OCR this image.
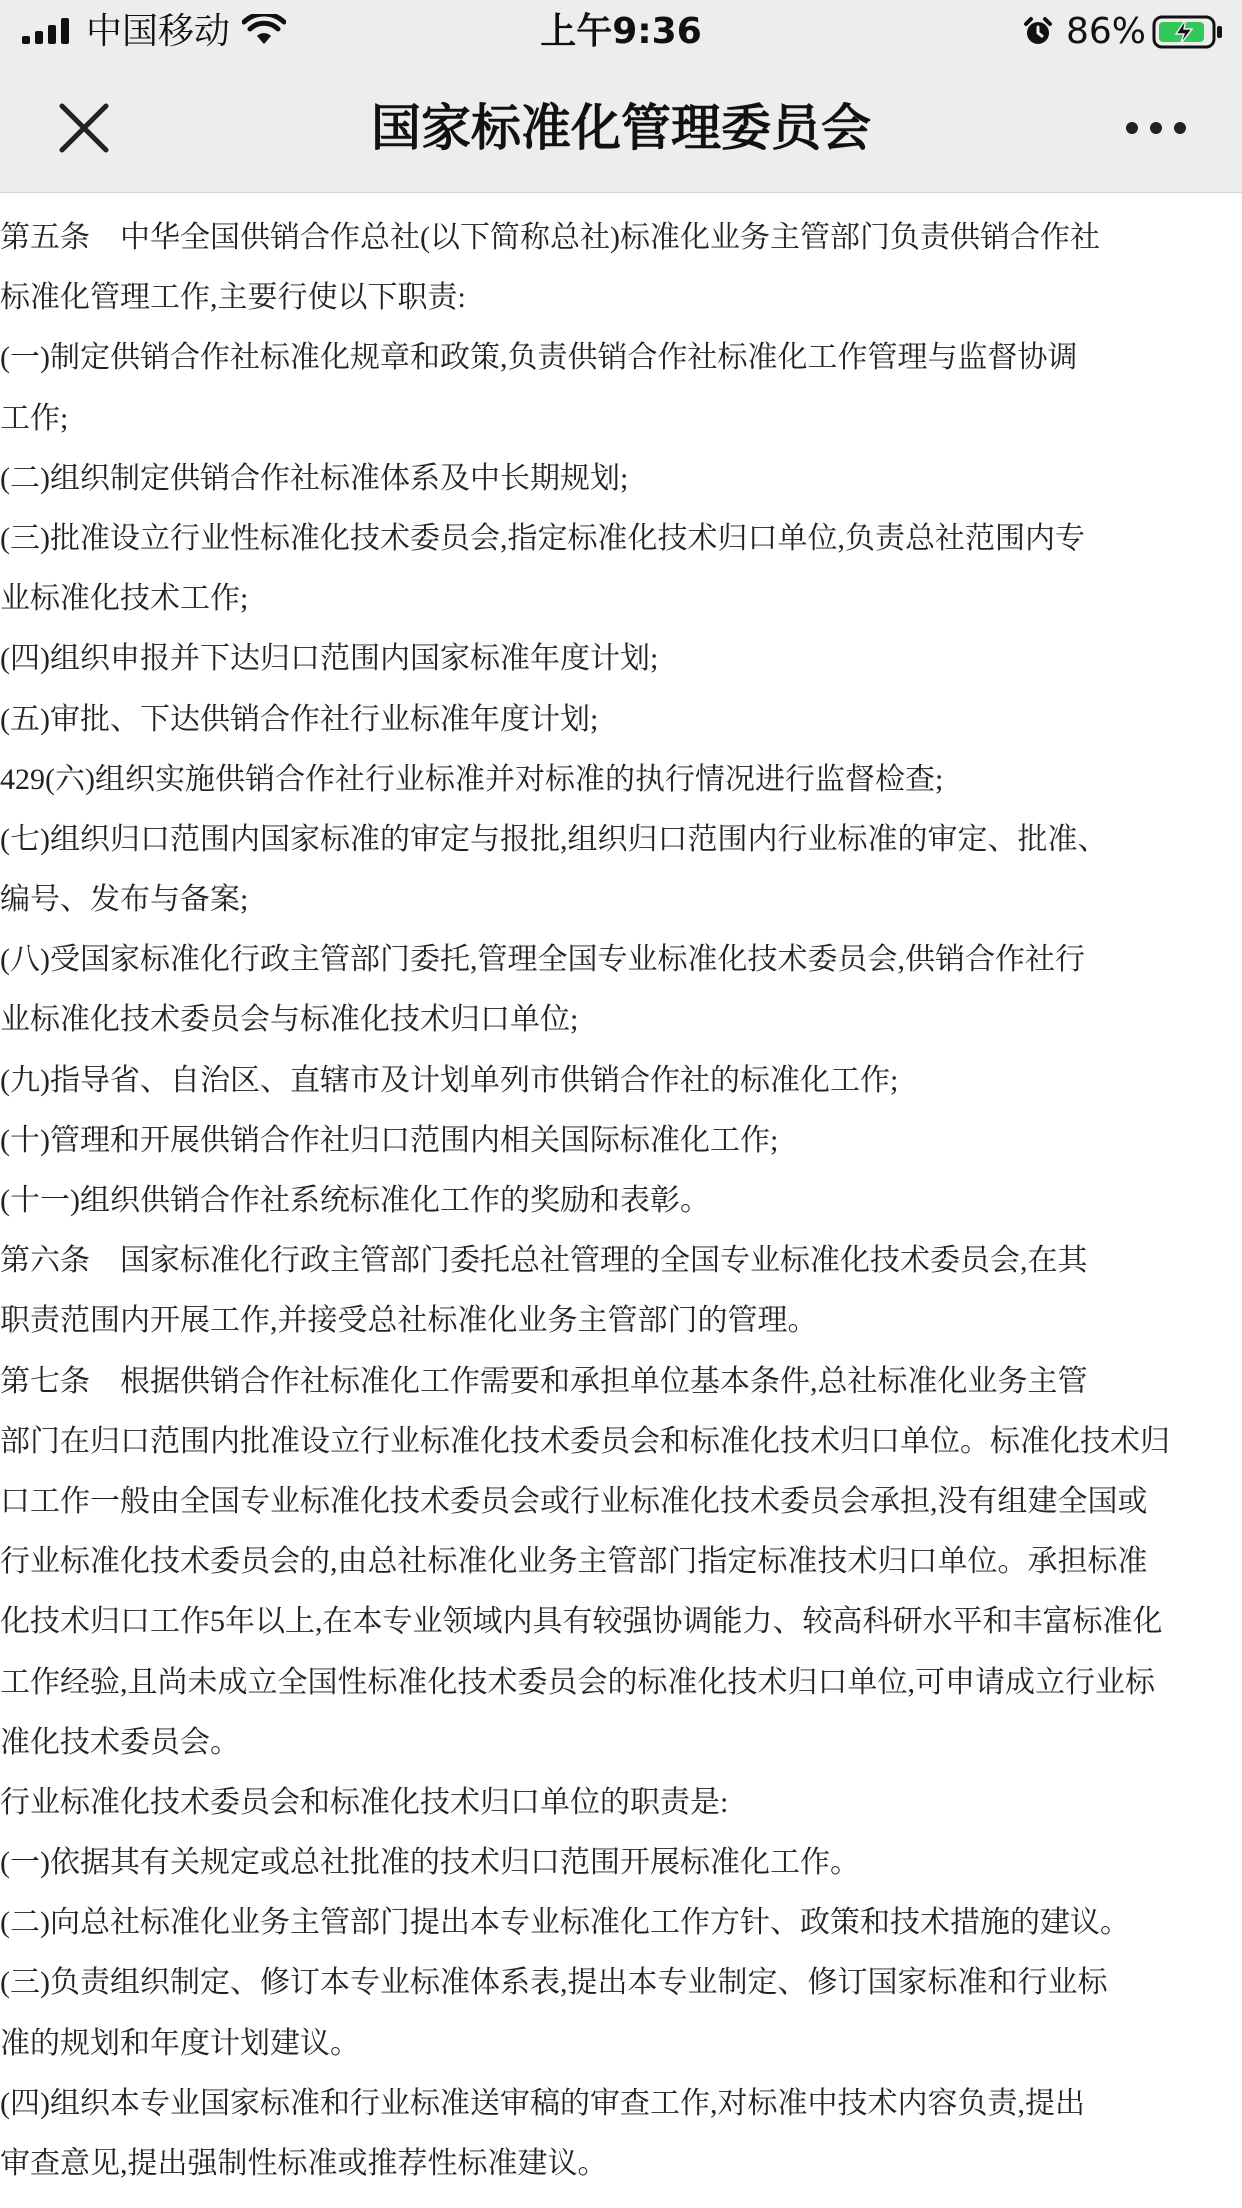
中国移动	上午9:36	86%
国家标准化管理委员会
第五条　中华全国供销合作总社(以下简称总社)标准化业务主管部门负责供销合作社
标准化管理工作,主要行使以下职责:
(一)制定供销合作社标准化规章和政策,负责供销合作社标准化工作管理与监督协调
工作;
(二)组织制定供销合作社标准体系及中长期规划;
(三)批准设立行业性标准化技术委员会,指定标准化技术归口单位,负责总社范围内专
业标准化技术工作;
(四)组织申报并下达归口范围内国家标准年度计划;
(五)审批、下达供销合作社行业标准年度计划;
429(六)组织实施供销合作社行业标准并对标准的执行情况进行监督检查;
(七)组织归口范围内国家标准的审定与报批,组织归口范围内行业标准的审定、批准、
编号、发布与备案;
(八)受国家标准化行政主管部门委托,管理全国专业标准化技术委员会,供销合作社行
业标准化技术委员会与标准化技术归口单位;
(九)指导省、自治区、直辖市及计划单列市供销合作社的标准化工作;
(十)管理和开展供销合作社归口范围内相关国际标准化工作;
(十一)组织供销合作社系统标准化工作的奖励和表彰。
第六条　国家标准化行政主管部门委托总社管理的全国专业标准化技术委员会,在其
职责范围内开展工作,并接受总社标准化业务主管部门的管理。
第七条　根据供销合作社标准化工作需要和承担单位基本条件,总社标准化业务主管
部门在归口范围内批准设立行业标准化技术委员会和标准化技术归口单位。标准化技术归
口工作一般由全国专业标准化技术委员会或行业标准化技术委员会承担,没有组建全国或
行业标准化技术委员会的,由总社标准化业务主管部门指定标准技术归口单位。承担标准
化技术归口工作5年以上,在本专业领域内具有较强协调能力、较高科研水平和丰富标准化
工作经验,且尚未成立全国性标准化技术委员会的标准化技术归口单位,可申请成立行业标
准化技术委员会。
行业标准化技术委员会和标准化技术归口单位的职责是:
(一)依据其有关规定或总社批准的技术归口范围开展标准化工作。
(二)向总社标准化业务主管部门提出本专业标准化工作方针、政策和技术措施的建议。
(三)负责组织制定、修订本专业标准体系表,提出本专业制定、修订国家标准和行业标
准的规划和年度计划建议。
(四)组织本专业国家标准和行业标准送审稿的审查工作,对标准中技术内容负责,提出
审查意见,提出强制性标准或推荐性标准建议。
